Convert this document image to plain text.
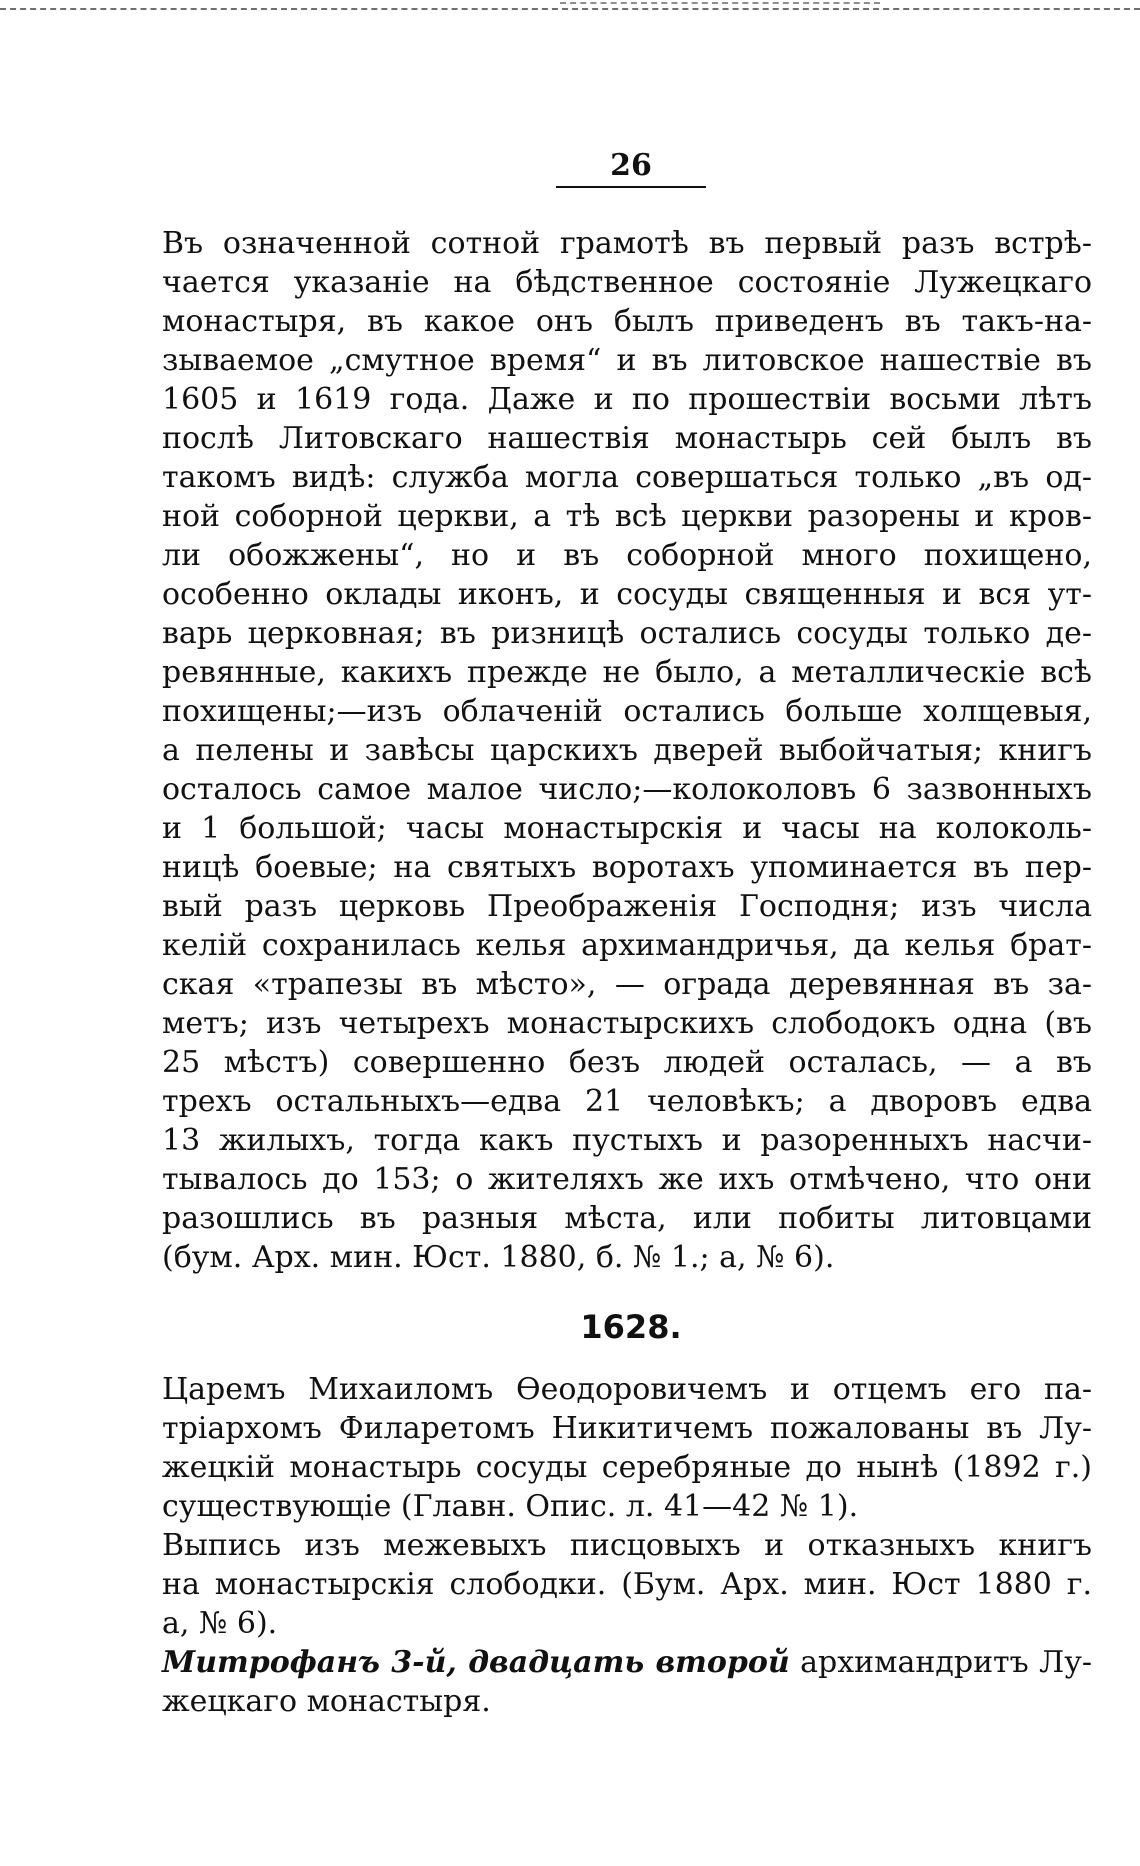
26
Въ означенной сотной грамотѣ въ первый разъ встрѣ-
чается указаніе на бѣдственное состояніе Лужецкаго
монастыря, въ какое онъ былъ приведенъ въ такъ-на-
зываемое „смутное время“ и въ литовское нашествіе въ
1605 и 1619 года. Даже и по прошествіи восьми лѣтъ
послѣ Литовскаго нашествія монастырь сей былъ въ
такомъ видѣ: служба могла совершаться только „въ од-
ной соборной церкви, а тѣ всѣ церкви разорены и кров-
ли обожжены“, но и въ соборной много похищено,
особенно оклады иконъ, и сосуды священныя и вся ут-
варь церковная; въ ризницѣ остались сосуды только де-
ревянные, какихъ прежде не было, а металлическіе всѣ
похищены;—изъ облаченій остались больше холщевыя,
а пелены и завѣсы царскихъ дверей выбойчатыя; книгъ
осталось самое малое число;—колоколовъ 6 зазвонныхъ
и 1 большой; часы монастырскія и часы на колоколь-
ницѣ боевые; на святыхъ воротахъ упоминается въ пер-
вый разъ церковь Преображенія Господня; изъ числа
келій сохранилась келья архимандричья, да келья брат-
ская «трапезы въ мѣсто», — ограда деревянная въ за-
метъ; изъ четырехъ монастырскихъ слободокъ одна (въ
25 мѣстъ) совершенно безъ людей осталась, — а въ
трехъ остальныхъ—едва 21 человѣкъ; а дворовъ едва
13 жилыхъ, тогда какъ пустыхъ и разоренныхъ насчи-
тывалось до 153; о жителяхъ же ихъ отмѣчено, что они
разошлись въ разныя мѣста, или побиты литовцами
(бум. Арх. мин. Юст. 1880, б. № 1.; а, № 6).
1628.
Царемъ Михаиломъ Ѳеодоровичемъ и отцемъ его па-
тріархомъ Филаретомъ Никитичемъ пожалованы въ Лу-
жецкій монастырь сосуды серебряные до нынѣ (1892 г.)
существующіе (Главн. Опис. л. 41—42 № 1).
Выпись изъ межевыхъ писцовыхъ и отказныхъ книгъ
на монастырскія слободки. (Бум. Арх. мин. Юст 1880 г.
а, № 6).
Митрофанъ 3-й, двадцать второй архимандритъ Лу-
жецкаго монастыря.
